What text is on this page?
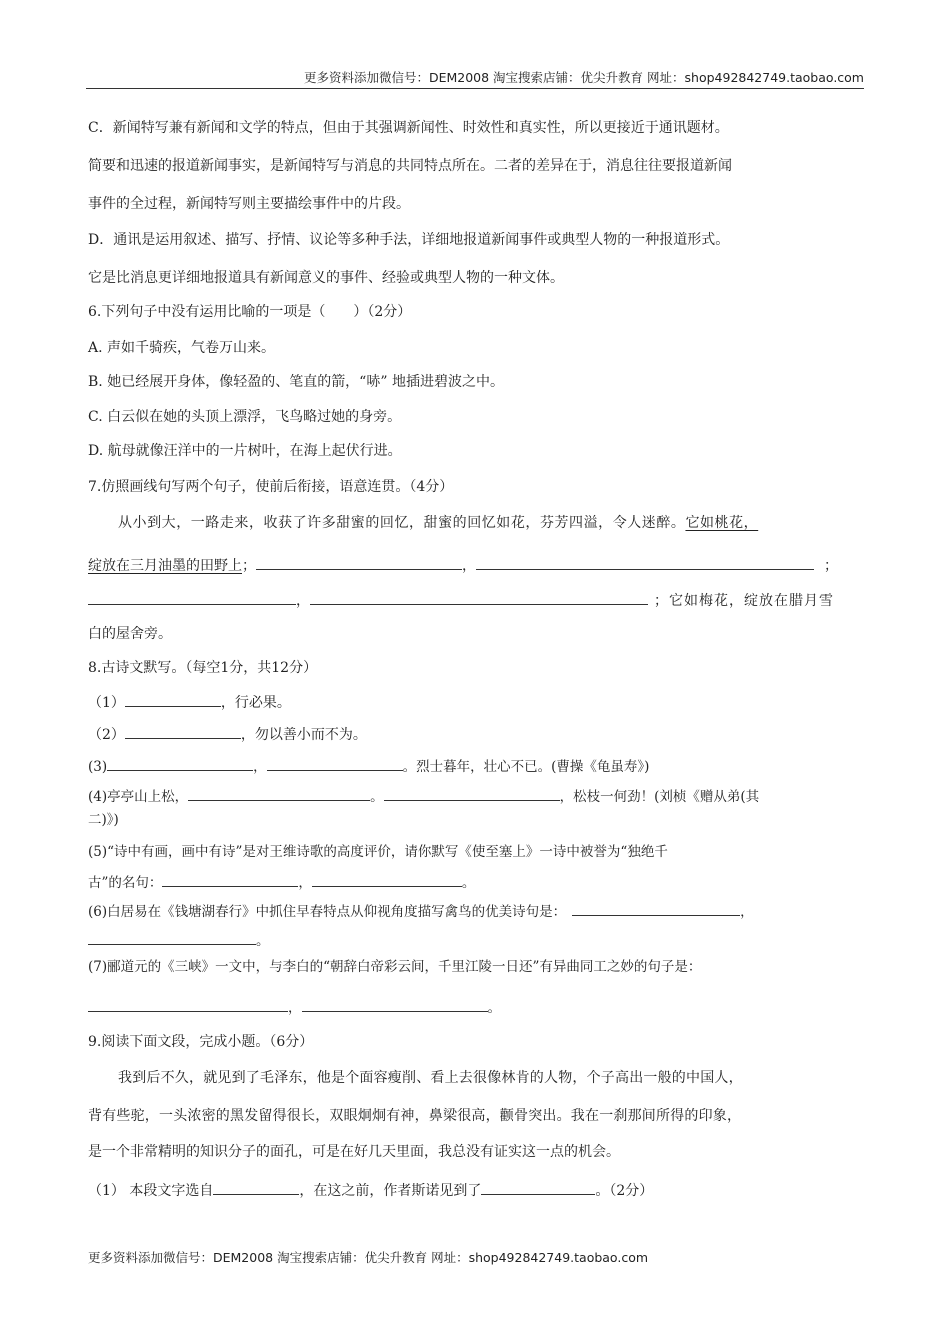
更多资料添加微信号：DEM2008 淘宝搜索店铺：优尖升教育 网址：shop492842749.taobao.com
C．新闻特写兼有新闻和文学的特点，但由于其强调新闻性、时效性和真实性，所以更接近于通讯题材。
简要和迅速的报道新闻事实，是新闻特写与消息的共同特点所在。二者的差异在于，消息往往要报道新闻
事件的全过程，新闻特写则主要描绘事件中的片段。
D．通讯是运用叙述、描写、抒情、议论等多种手法，详细地报道新闻事件或典型人物的一种报道形式。
它是比消息更详细地报道具有新闻意义的事件、经验或典型人物的一种文体。
6.下列句子中没有运用比喻的一项是（　　）（2分）
A. 声如千骑疾，气卷万山来。
B. 她已经展开身体，像轻盈的、笔直的箭，“哧” 地插进碧波之中。
C. 白云似在她的头顶上漂浮，飞鸟略过她的身旁。
D. 航母就像汪洋中的一片树叶，在海上起伏行进。
7.仿照画线句写两个句子，使前后衔接，语意连贯。（4分）
从小到大，一路走来，收获了许多甜蜜的回忆，甜蜜的回忆如花，芬芳四溢，令人迷醉。它如桃花，
绽放在三月油墨的田野上；	，	；
，	；它如梅花，绽放在腊月雪
白的屋舍旁。
8.古诗文默写。（每空1分，共12分）
（1）	，行必果。
（2）	，勿以善小而不为。
(3)	，	。烈士暮年，壮心不已。(曹操《龟虽寿》)
(4)亭亭山上松，	。	，松枝一何劲！(刘桢《赠从弟(其
二)》)
(5)“诗中有画，画中有诗”是对王维诗歌的高度评价，请你默写《使至塞上》一诗中被誉为“独绝千
古”的名句：	，	。
(6)白居易在《钱塘湖春行》中抓住早春特点从仰视角度描写禽鸟的优美诗句是：	，
。
(7)郦道元的《三峡》一文中，与李白的“朝辞白帝彩云间，千里江陵一日还”有异曲同工之妙的句子是：
，	。
9.阅读下面文段，完成小题。（6分）
我到后不久，就见到了毛泽东，他是个面容瘦削、看上去很像林肯的人物，个子高出一般的中国人，
背有些驼，一头浓密的黑发留得很长，双眼炯炯有神，鼻梁很高，颧骨突出。我在一刹那间所得的印象，
是一个非常精明的知识分子的面孔，可是在好几天里面，我总没有证实这一点的机会。
（1） 本段文字选自	，在这之前，作者斯诺见到了	。（2分）
更多资料添加微信号：DEM2008 淘宝搜索店铺：优尖升教育 网址：shop492842749.taobao.com
